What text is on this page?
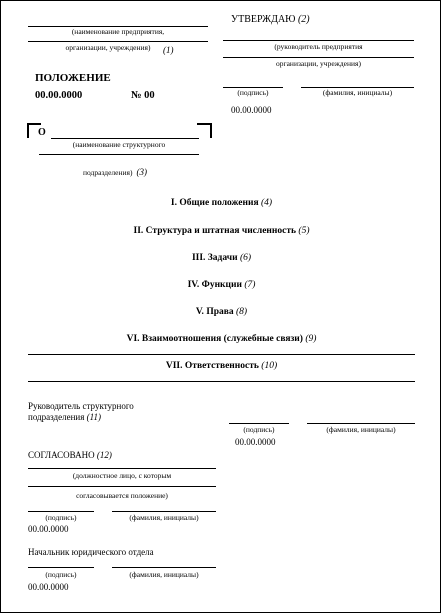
(наименование предприятия,
организации, учреждения)	(1)
ПОЛОЖЕНИЕ
00.00.0000	№ 00
УТВЕРЖДАЮ (2)
(руководитель предприятия
организации, учреждения)
(подпись)	(фамилия, инициалы)
00.00.0000
О
(наименование структурного
подразделения) (3)
I. Общие положения (4)
II. Структура и штатная численность (5)
III. Задачи (6)
IV. Функции (7)
V. Права (8)
VI. Взаимоотношения (служебные связи) (9)
VII. Ответственность (10)
Руководитель структурного
подразделения (11)
(подпись)	(фамилия, инициалы)
00.00.0000
СОГЛАСОВАНО (12)
(должностное лицо, с которым
согласовывается положение)
(подпись)	(фамилия, инициалы)
00.00.0000
Начальник юридического отдела
(подпись)	(фамилия, инициалы)
00.00.0000
